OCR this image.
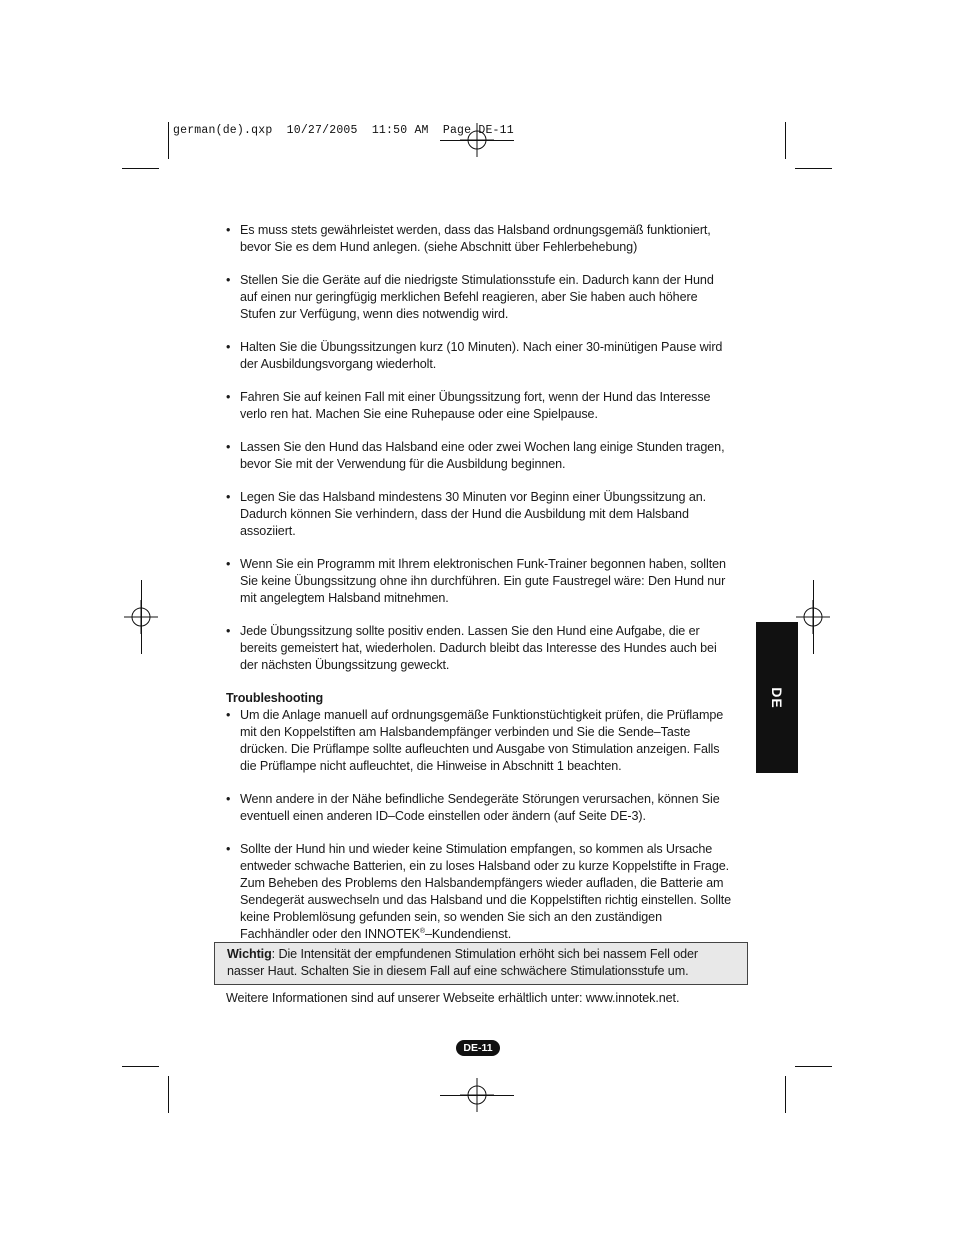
german(de).qxp  10/27/2005  11:50 AM  Page DE-11
• Es muss stets gewährleistet werden, dass das Halsband ordnungsgemäß funktioniert, bevor Sie es dem Hund anlegen. (siehe Abschnitt über Fehlerbehebung)
• Stellen Sie die Geräte auf die niedrigste Stimulationsstufe ein. Dadurch kann der Hund auf einen nur geringfügig merklichen Befehl reagieren, aber Sie haben auch höhere Stufen zur Verfügung, wenn dies notwendig wird.
• Halten Sie die Übungssitzungen kurz (10 Minuten). Nach einer 30-minütigen Pause wird der Ausbildungsvorgang wiederholt.
• Fahren Sie auf keinen Fall mit einer Übungssitzung fort, wenn der Hund das Interesse verlo ren hat. Machen Sie eine Ruhepause oder eine Spielpause.
• Lassen Sie den Hund das Halsband eine oder zwei Wochen lang einige Stunden tragen, bevor Sie mit der Verwendung für die Ausbildung beginnen.
• Legen Sie das Halsband mindestens 30 Minuten vor Beginn einer Übungssitzung an. Dadurch können Sie verhindern, dass der Hund die Ausbildung mit dem Halsband assoziiert.
• Wenn Sie ein Programm mit Ihrem elektronischen Funk-Trainer begonnen haben, sollten Sie keine Übungssitzung ohne ihn durchführen. Ein gute Faustregel wäre: Den Hund nur mit angelegtem Halsband mitnehmen.
• Jede Übungssitzung sollte positiv enden. Lassen Sie den Hund eine Aufgabe, die er bereits gemeistert hat, wiederholen. Dadurch bleibt das Interesse des Hundes auch bei der nächsten Übungssitzung geweckt.
Troubleshooting
• Um die Anlage manuell auf ordnungsgemäße Funktionstüchtigkeit prüfen, die Prüflampe mit den Koppelstiften am Halsbandempfänger verbinden und Sie die Sende–Taste drücken. Die Prüflampe sollte aufleuchten und Ausgabe von Stimulation anzeigen. Falls die Prüflampe nicht aufleuchtet, die Hinweise in Abschnitt 1 beachten.
• Wenn andere in der Nähe befindliche Sendegeräte Störungen verursachen, können Sie eventuell einen anderen ID–Code einstellen oder ändern (auf Seite DE-3).
• Sollte der Hund hin und wieder keine Stimulation empfangen, so kommen als Ursache entweder schwache Batterien, ein zu loses Halsband oder zu kurze Koppelstifte in Frage. Zum Beheben des Problems den Halsbandempfängers wieder aufladen, die Batterie am Sendegerät auswechseln und das Halsband und die Koppelstiften richtig einstellen. Sollte keine Problemlösung gefunden sein, so wenden Sie sich an den zuständigen Fachhändler oder den INNOTEK®–Kundendienst.
Wichtig: Die Intensität der empfundenen Stimulation erhöht sich bei nassem Fell oder nasser Haut. Schalten Sie in diesem Fall auf eine schwächere Stimulationsstufe um.
Weitere Informationen sind auf unserer Webseite erhältlich unter: www.innotek.net.
DE-11
DE
